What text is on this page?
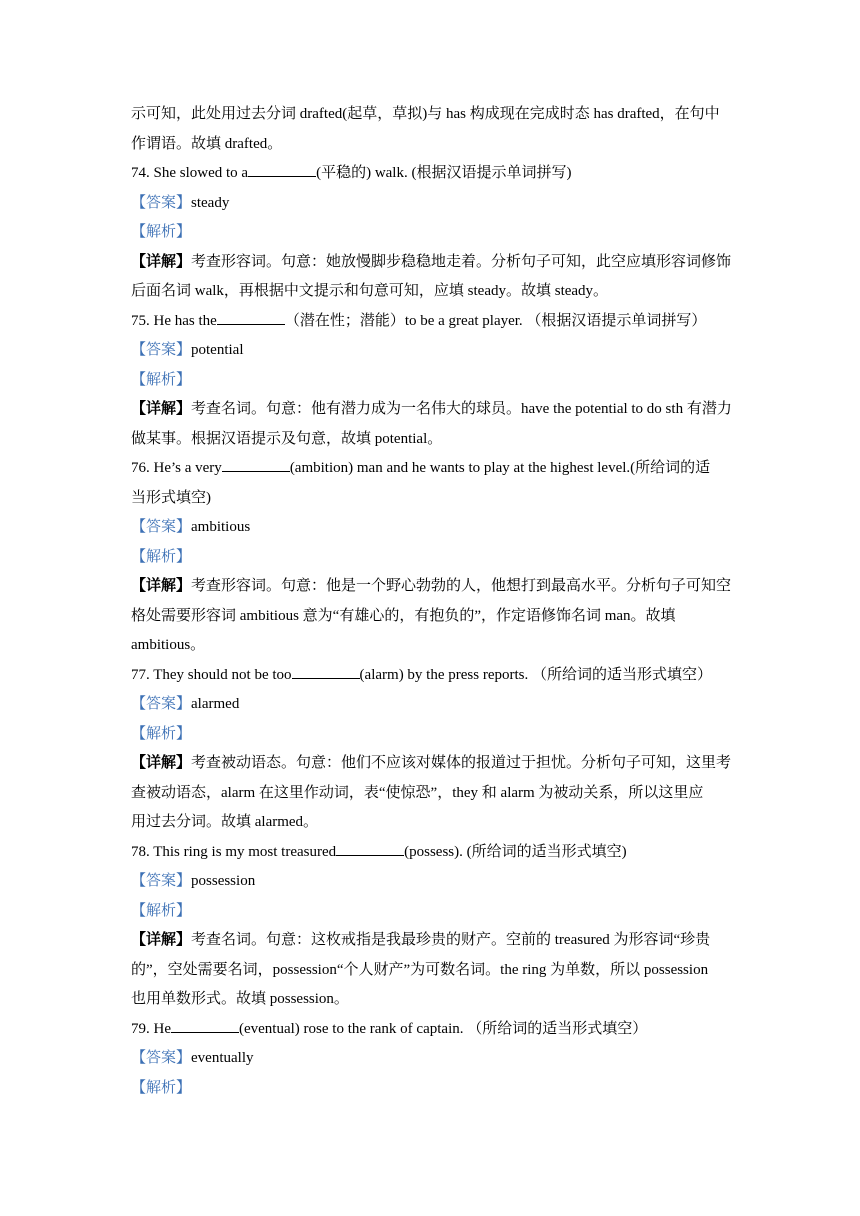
示可知，此处用过去分词 drafted(起草，草拟)与 has 构成现在完成时态 has drafted，在句中

作谓语。故填 drafted。

74. She slowed to a	(平稳的) walk. (根据汉语提示单词拼写)

【答案】steady

【解析】

【详解】考查形容词。句意：她放慢脚步稳稳地走着。分析句子可知，此空应填形容词修饰

后面名词 walk，再根据中文提示和句意可知，应填 steady。故填 steady。

75. He has the	（潜在性；潜能）to be a great player. （根据汉语提示单词拼写）

【答案】potential

【解析】

【详解】考查名词。句意：他有潜力成为一名伟大的球员。have the potential to do sth 有潜力

做某事。根据汉语提示及句意，故填 potential。

76. He’s a very	(ambition) man and he wants to play at the highest level.(所给词的适

当形式填空)

【答案】ambitious

【解析】

【详解】考查形容词。句意：他是一个野心勃勃的人，他想打到最高水平。分析句子可知空

格处需要形容词 ambitious 意为“有雄心的，有抱负的”，作定语修饰名词 man。故填

ambitious。

77. They should not be too	(alarm) by the press reports. （所给词的适当形式填空）

【答案】alarmed

【解析】

【详解】考查被动语态。句意：他们不应该对媒体的报道过于担忧。分析句子可知，这里考

查被动语态，alarm 在这里作动词，表“使惊恐”，they 和 alarm 为被动关系，所以这里应

用过去分词。故填 alarmed。

78. This ring is my most treasured	(possess). (所给词的适当形式填空)

【答案】possession

【解析】

【详解】考查名词。句意：这枚戒指是我最珍贵的财产。空前的 treasured 为形容词“珍贵

的”，空处需要名词，possession“个人财产”为可数名词。the ring 为单数，所以 possession

也用单数形式。故填 possession。

79. He	(eventual) rose to the rank of captain. （所给词的适当形式填空）

【答案】eventually

【解析】
